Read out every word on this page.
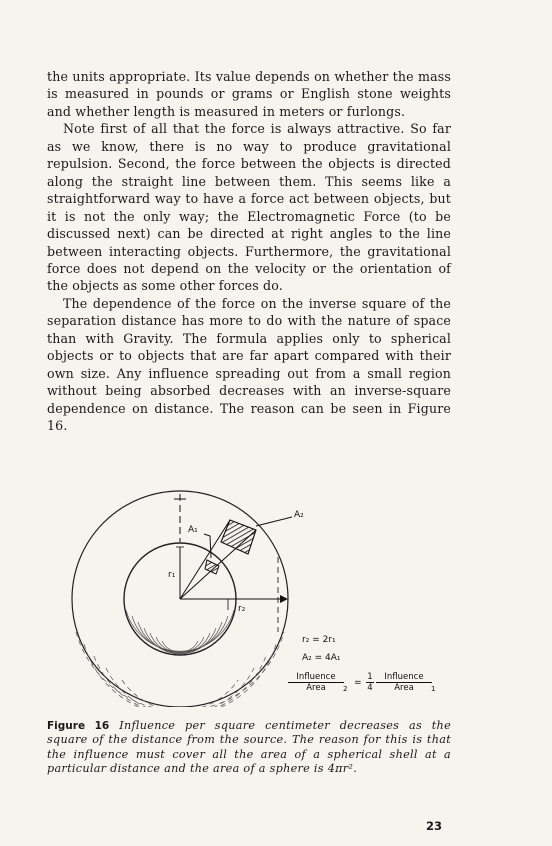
the units appropriate. Its value depends on whether the mass is measured in pounds or grams or English stone weights and whether length is measured in meters or furlongs.

Note first of all that the force is always attractive. So far as we know, there is no way to produce gravitational repulsion. Second, the force between the objects is directed along the straight line between them. This seems like a straightforward way to have a force act between objects, but it is not the only way; the Electromagnetic Force (to be discussed next) can be directed at right angles to the line between interacting objects. Furthermore, the gravitational force does not depend on the velocity or the orientation of the objects as some other forces do.

The dependence of the force on the inverse square of the separation distance has more to do with the nature of space than with Gravity. The formula applies only to spherical objects or to objects that are far apart compared with their own size. Any influence spreading out from a small region without being absorbed decreases with an inverse-square dependence on distance. The reason can be seen in Figure 16.

A₁
r₁
r₂
A₂
r₂ = 2r₁
A₂ = 4A₁
Influence
Area	2
= $\frac{1}{4}$	Influence
Area	1
Figure 16 Influence per square centimeter decreases as the square of the distance from the source. The reason for this is that the influence must cover all the area of a spherical shell at a particular distance and the area of a sphere is 4πr².
23
